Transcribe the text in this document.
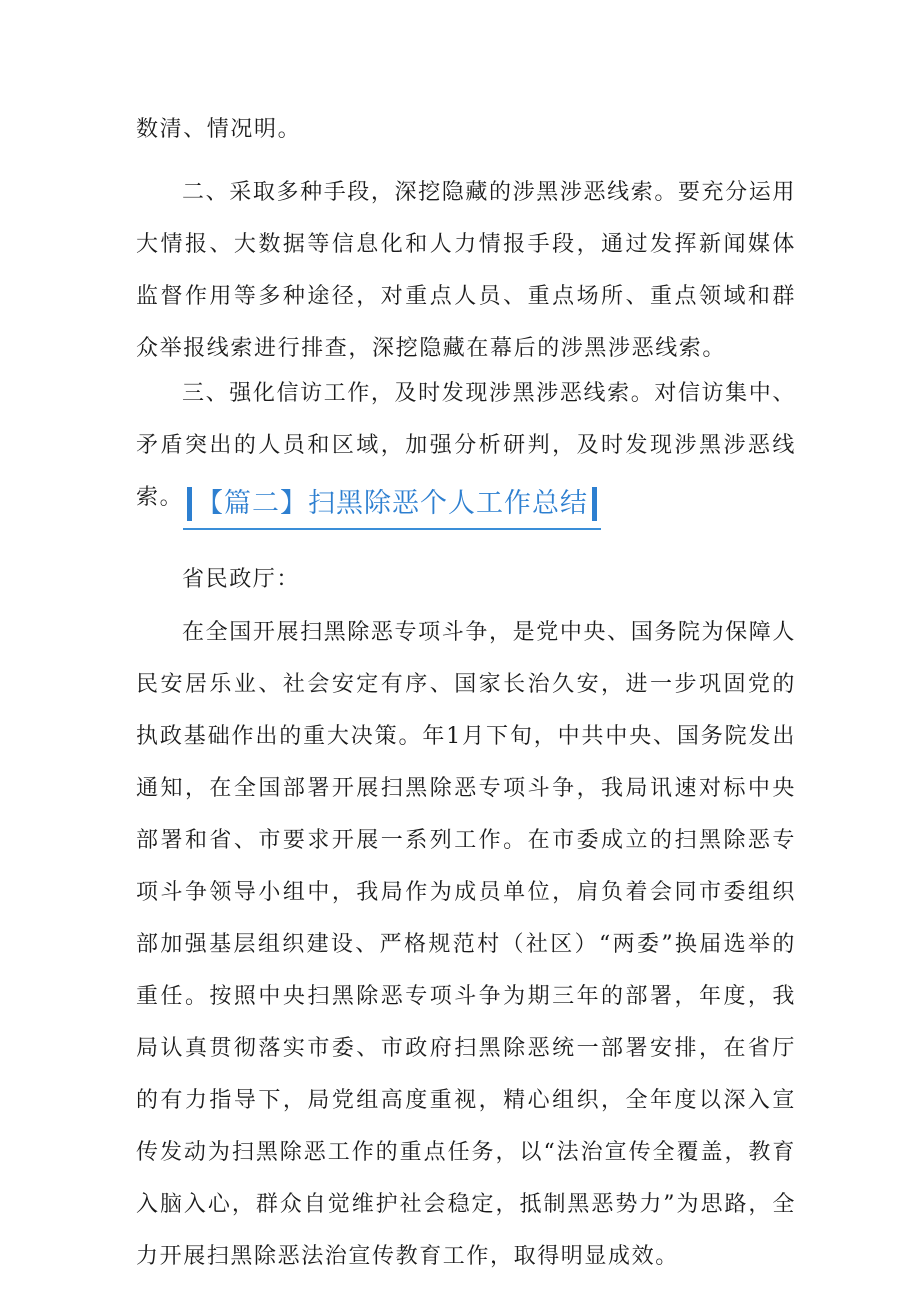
数清、情况明。

二、采取多种手段，深挖隐藏的涉黑涉恶线索。要充分运用大情报、大数据等信息化和人力情报手段，通过发挥新闻媒体监督作用等多种途径，对重点人员、重点场所、重点领域和群众举报线索进行排查，深挖隐藏在幕后的涉黑涉恶线索。

三、强化信访工作，及时发现涉黑涉恶线索。对信访集中、矛盾突出的人员和区域，加强分析研判，及时发现涉黑涉恶线索。 【篇二】扫黑除恶个人工作总结

省民政厅：

在全国开展扫黑除恶专项斗争，是党中央、国务院为保障人民安居乐业、社会安定有序、国家长治久安，进一步巩固党的执政基础作出的重大决策。年1月下旬，中共中央、国务院发出通知，在全国部署开展扫黑除恶专项斗争，我局讯速对标中央部署和省、市要求开展一系列工作。在市委成立的扫黑除恶专项斗争领导小组中，我局作为成员单位，肩负着会同市委组织部加强基层组织建设、严格规范村（社区）“两委”换届选举的重任。按照中央扫黑除恶专项斗争为期三年的部署，年度，我局认真贯彻落实市委、市政府扫黑除恶统一部署安排，在省厅的有力指导下，局党组高度重视，精心组织，全年度以深入宣传发动为扫黑除恶工作的重点任务，以“法治宣传全覆盖，教育入脑入心，群众自觉维护社会稳定，抵制黑恶势力”为思路，全力开展扫黑除恶法治宣传教育工作，取得明显成效。
